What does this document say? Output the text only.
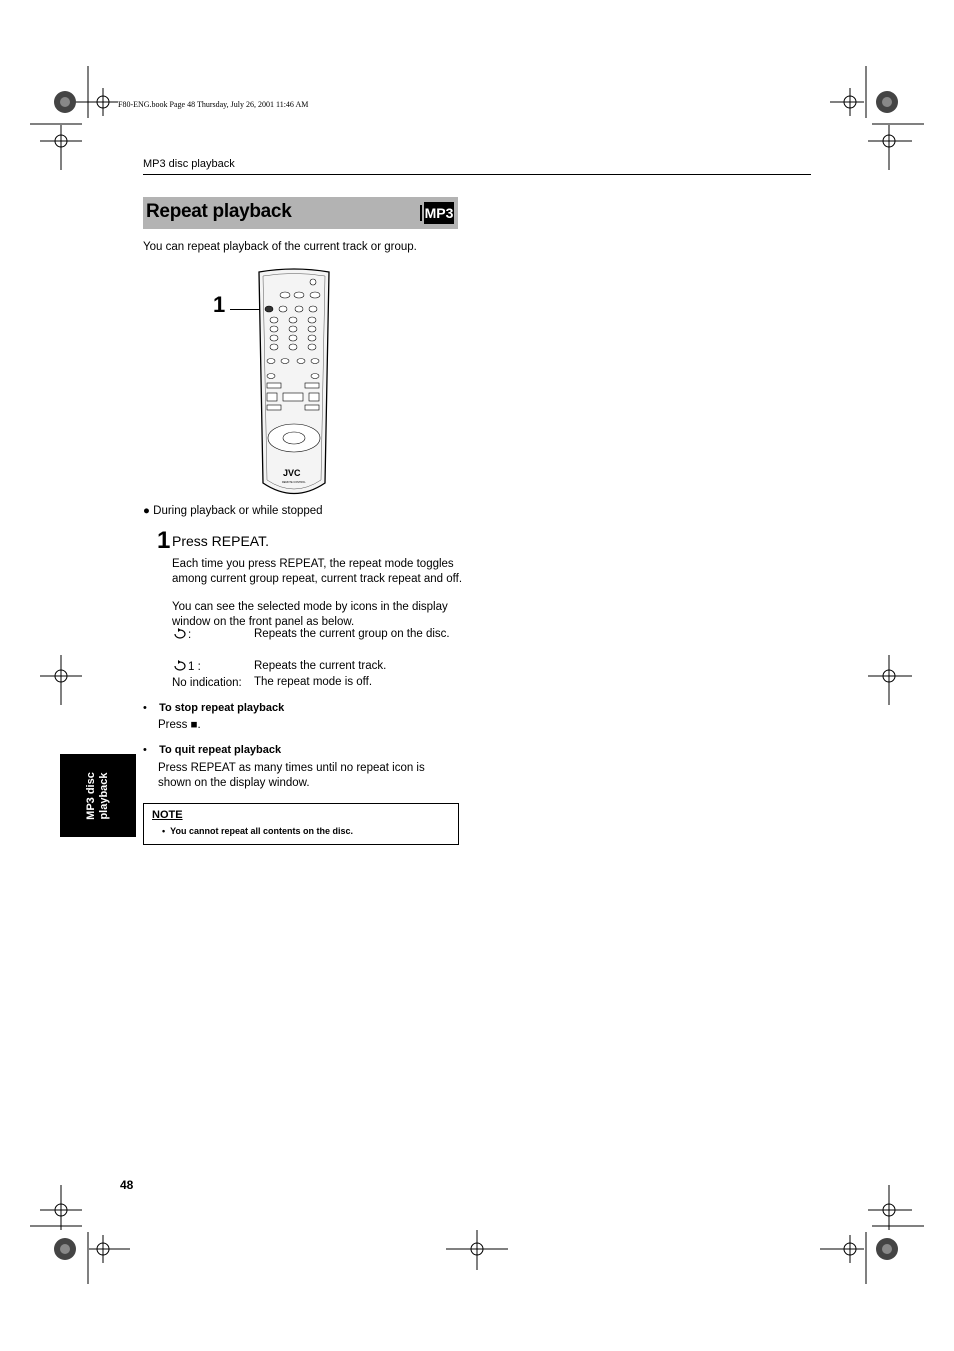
F80-ENG.book Page 48 Thursday, July 26, 2001 11:46 AM
MP3 disc playback
Repeat playback	MP3
You can repeat playback of the current track or group.
1
JVC
REMOTE CONTROL
● During playback or while stopped
1 Press REPEAT.
Each time you press REPEAT, the repeat mode toggles among current group repeat, current track repeat and off.
You can see the selected mode by icons in the display window on the front panel as below.
:	Repeats the current group on the disc.
1 :	Repeats the current track.
No indication: The repeat mode is off.
•    To stop repeat playback
Press ■.
•    To quit repeat playback
Press REPEAT as many times until no repeat icon is shown on the display window.
NOTE
•  You cannot repeat all contents on the disc.
MP3 disc playback
48
